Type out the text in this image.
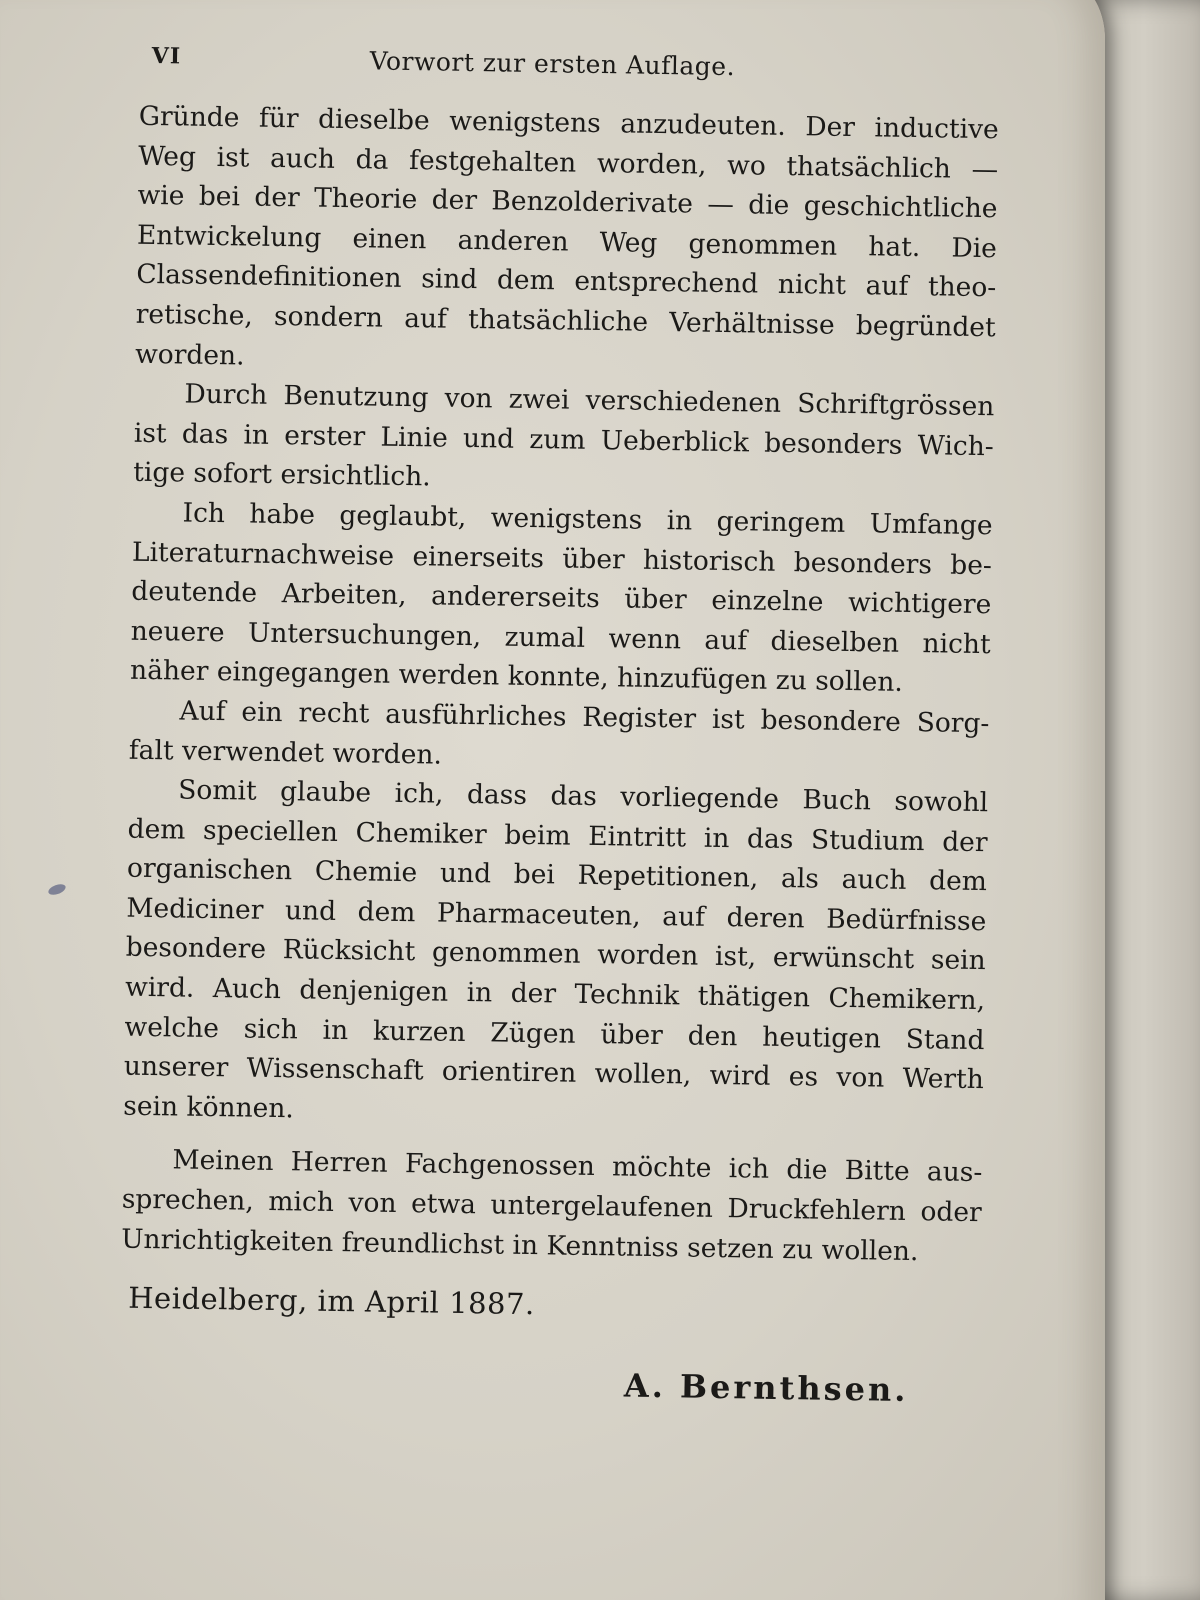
VI	Vorwort zur ersten Auflage.
Gründe für dieselbe wenigstens anzudeuten. Der inductive
Weg ist auch da festgehalten worden, wo thatsächlich —
wie bei der Theorie der Benzolderivate — die geschichtliche
Entwickelung einen anderen Weg genommen hat. Die
Classendefinitionen sind dem entsprechend nicht auf theo-
retische, sondern auf thatsächliche Verhältnisse begründet
worden.
Durch Benutzung von zwei verschiedenen Schriftgrössen
ist das in erster Linie und zum Ueberblick besonders Wich-
tige sofort ersichtlich.
Ich habe geglaubt, wenigstens in geringem Umfange
Literaturnachweise einerseits über historisch besonders be-
deutende Arbeiten, andererseits über einzelne wichtigere
neuere Untersuchungen, zumal wenn auf dieselben nicht
näher eingegangen werden konnte, hinzufügen zu sollen.
Auf ein recht ausführliches Register ist besondere Sorg-
falt verwendet worden.
Somit glaube ich, dass das vorliegende Buch sowohl
dem speciellen Chemiker beim Eintritt in das Studium der
organischen Chemie und bei Repetitionen, als auch dem
Mediciner und dem Pharmaceuten, auf deren Bedürfnisse
besondere Rücksicht genommen worden ist, erwünscht sein
wird. Auch denjenigen in der Technik thätigen Chemikern,
welche sich in kurzen Zügen über den heutigen Stand
unserer Wissenschaft orientiren wollen, wird es von Werth
sein können.
Meinen Herren Fachgenossen möchte ich die Bitte aus-
sprechen, mich von etwa untergelaufenen Druckfehlern oder
Unrichtigkeiten freundlichst in Kenntniss setzen zu wollen.
Heidelberg, im April 1887.
A. Bernthsen.
